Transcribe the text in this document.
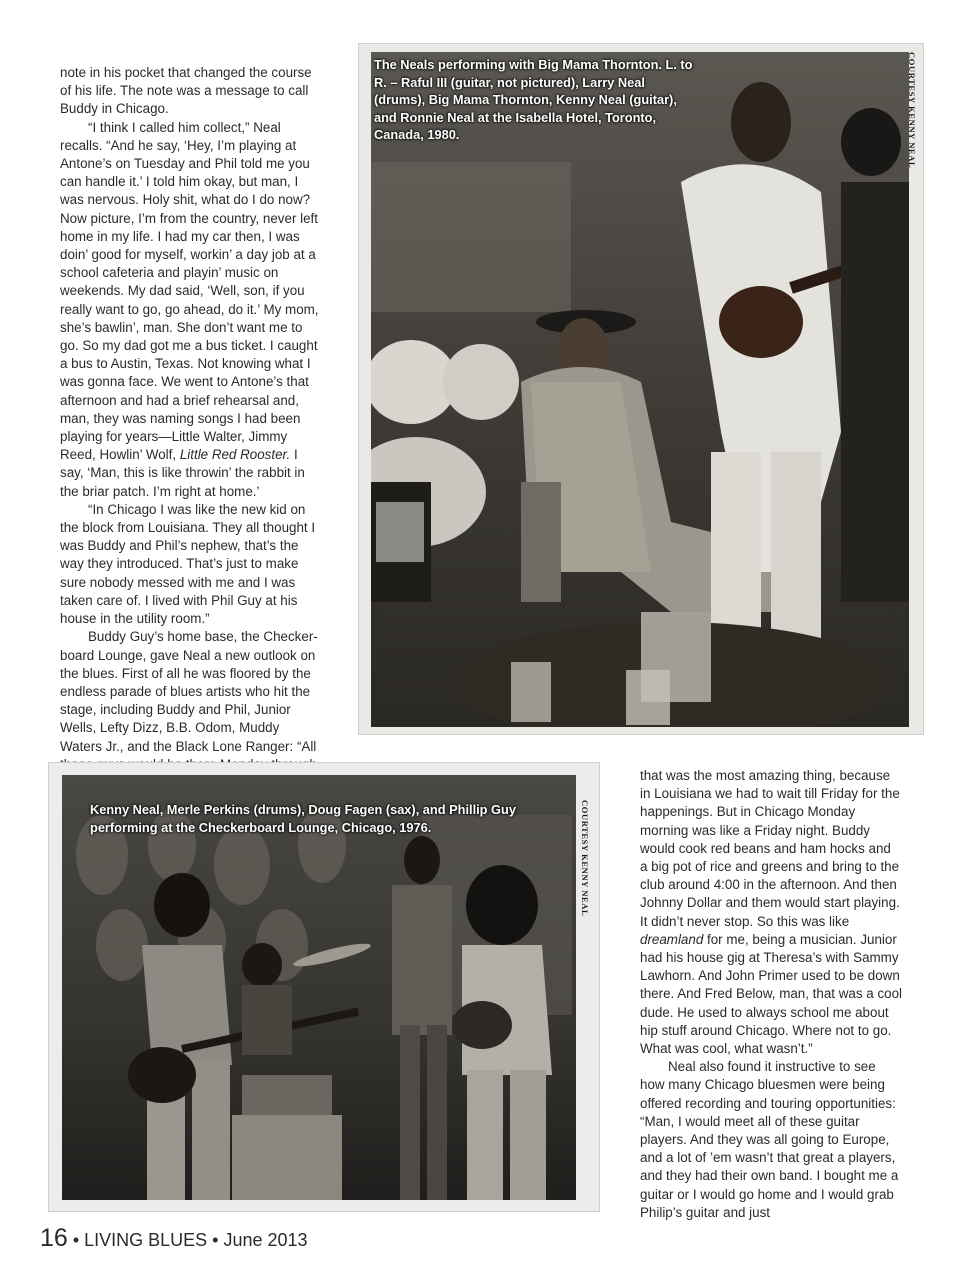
note in his pocket that changed the course of his life. The note was a message to call Buddy in Chicago.

“I think I called him collect,” Neal recalls. “And he say, ‘Hey, I’m playing at Antone’s on Tuesday and Phil told me you can handle it.’ I told him okay, but man, I was nervous. Holy shit, what do I do now? Now picture, I’m from the country, never left home in my life. I had my car then, I was doin’ good for myself, workin’ a day job at a school cafeteria and playin’ music on weekends. My dad said, ‘Well, son, if you really want to go, go ahead, do it.’ My mom, she’s bawlin’, man. She don’t want me to go. So my dad got me a bus ticket. I caught a bus to Austin, Texas. Not knowing what I was gonna face. We went to Antone’s that afternoon and had a brief rehearsal and, man, they was naming songs I had been playing for years—Little Walter, Jimmy Reed, Howlin’ Wolf, Little Red Rooster. I say, ‘Man, this is like throwin’ the rabbit in the briar patch. I’m right at home.’

“In Chicago I was like the new kid on the block from Louisiana. They all thought I was Buddy and Phil’s nephew, that’s the way they introduced. That’s just to make sure nobody messed with me and I was taken care of. I lived with Phil Guy at his house in the utility room.”

Buddy Guy’s home base, the Checkerboard Lounge, gave Neal a new outlook on the blues. First of all he was floored by the endless parade of blues artists who hit the stage, including Buddy and Phil, Junior Wells, Lefty Dizz, B.B. Odom, Muddy Waters Jr., and the Black Lone Ranger: “All

The Neals performing with Big Mama Thornton. L. to R. – Raful III (guitar, not pictured), Larry Neal (drums), Big Mama Thornton, Kenny Neal (guitar), and Ronnie Neal at the Isabella Hotel, Toronto, Canada, 1980.	COURTESY KENNY NEAL
Kenny Neal, Merle Perkins (drums), Doug Fagen (sax), and Phillip Guy performing at the Checkerboard Lounge, Chicago, 1976.	COURTESY KENNY NEAL

that was the most amazing thing, because in Louisiana we had to wait till Friday for the happenings. But in Chicago Monday morning was like a Friday night. Buddy would cook red beans and ham hocks and a big pot of rice and greens and bring to the club around 4:00 in the afternoon. And then Johnny Dollar and them would start playing. It didn’t never stop. So this was like dreamland for me, being a musician. Junior had his house gig at Theresa’s with Sammy Lawhorn. And John Primer used to be down there. And Fred Below, man, that was a cool dude. He used to always school me about hip stuff around Chicago. Where not to go. What was cool, what wasn’t.”

Neal also found it instructive to see how many Chicago bluesmen were being offered recording and touring opportunities: “Man, I would meet all of these guitar players. And they was all going to Europe, and a lot of ’em wasn’t that great a players, and they had their own band. I bought me a guitar or I would go home and I would grab Philip’s guitar and just

16 • LIVING BLUES • June 2013
